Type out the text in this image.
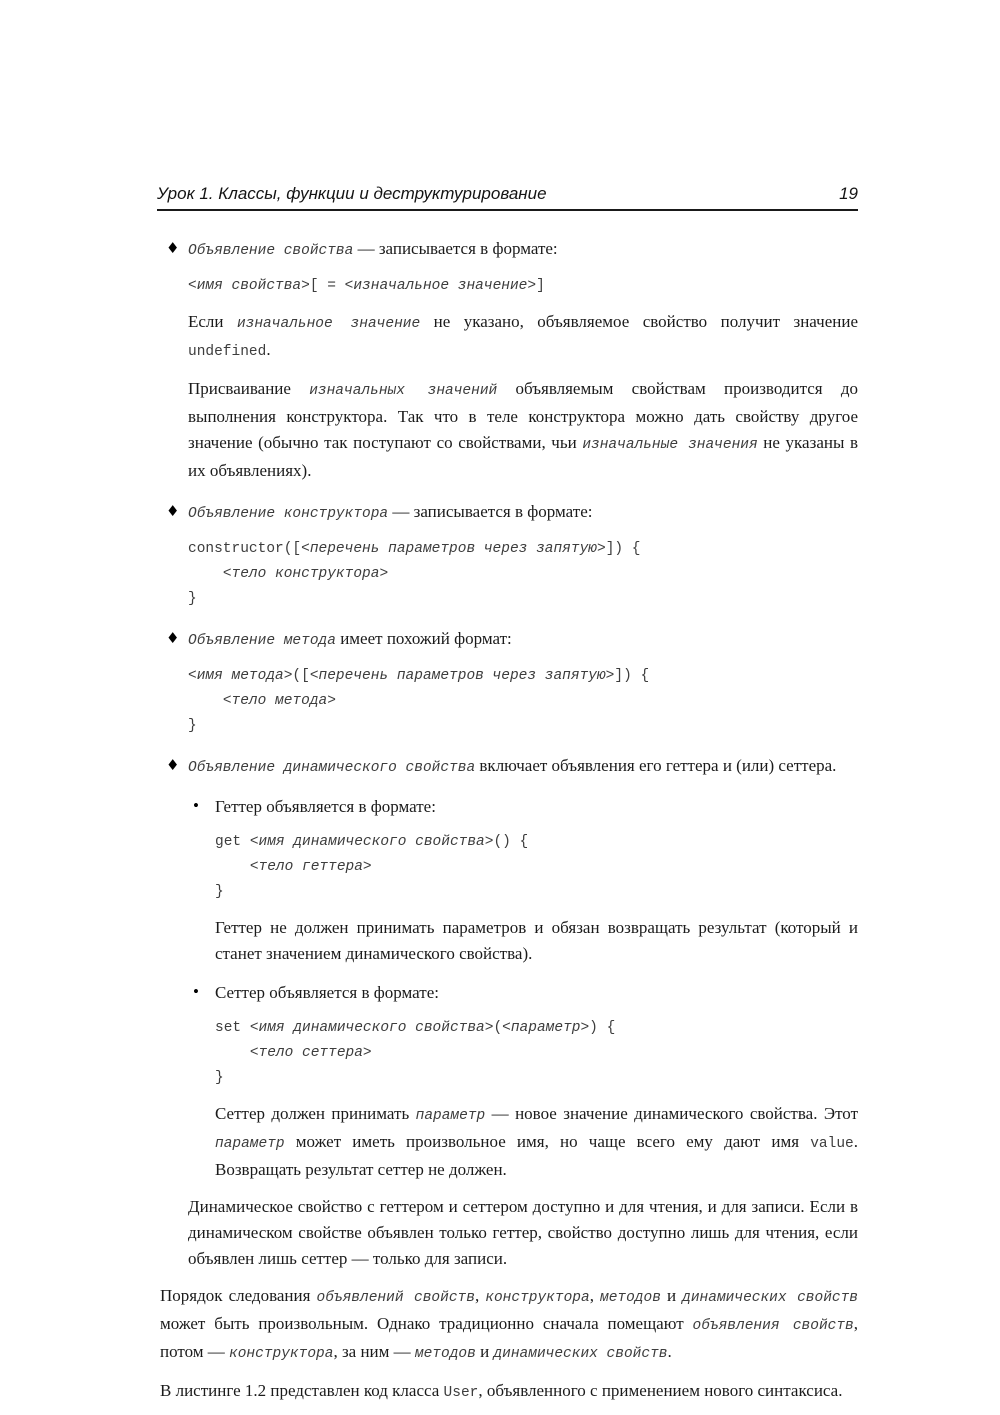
Урок 1. Классы, функции и деструктурирование	19
♦ Объявление свойства — записывается в формате:
<имя свойства>[ = <изначальное значение>]
Если изначальное значение не указано, объявляемое свойство получит значение undefined.
Присваивание изначальных значений объявляемым свойствам производится до выполнения конструктора. Так что в теле конструктора можно дать свойству другое значение (обычно так поступают со свойствами, чьи изначальные значения не указаны в их объявлениях).
♦ Объявление конструктора — записывается в формате:
constructor([<перечень параметров через запятую>]) {
<тело конструктора>
}
♦ Объявление метода имеет похожий формат:
<имя метода>([<перечень параметров через запятую>]) {
<тело метода>
}
♦ Объявление динамического свойства включает объявления его геттера и (или) сеттера.
• Геттер объявляется в формате:
get <имя динамического свойства>() {
<тело геттера>
}
Геттер не должен принимать параметров и обязан возвращать результат (который и станет значением динамического свойства).
• Сеттер объявляется в формате:
set <имя динамического свойства>(<параметр>) {
<тело сеттера>
}
Сеттер должен принимать параметр — новое значение динамического свойства. Этот параметр может иметь произвольное имя, но чаще всего ему дают имя value. Возвращать результат сеттер не должен.
Динамическое свойство с геттером и сеттером доступно и для чтения, и для записи. Если в динамическом свойстве объявлен только геттер, свойство доступно лишь для чтения, если объявлен лишь сеттер — только для записи.
Порядок следования объявлений свойств, конструктора, методов и динамических свойств может быть произвольным. Однако традиционно сначала помещают объявления свойств, потом — конструктора, за ним — методов и динамических свойств.
В листинге 1.2 представлен код класса User, объявленного с применением нового синтаксиса.
